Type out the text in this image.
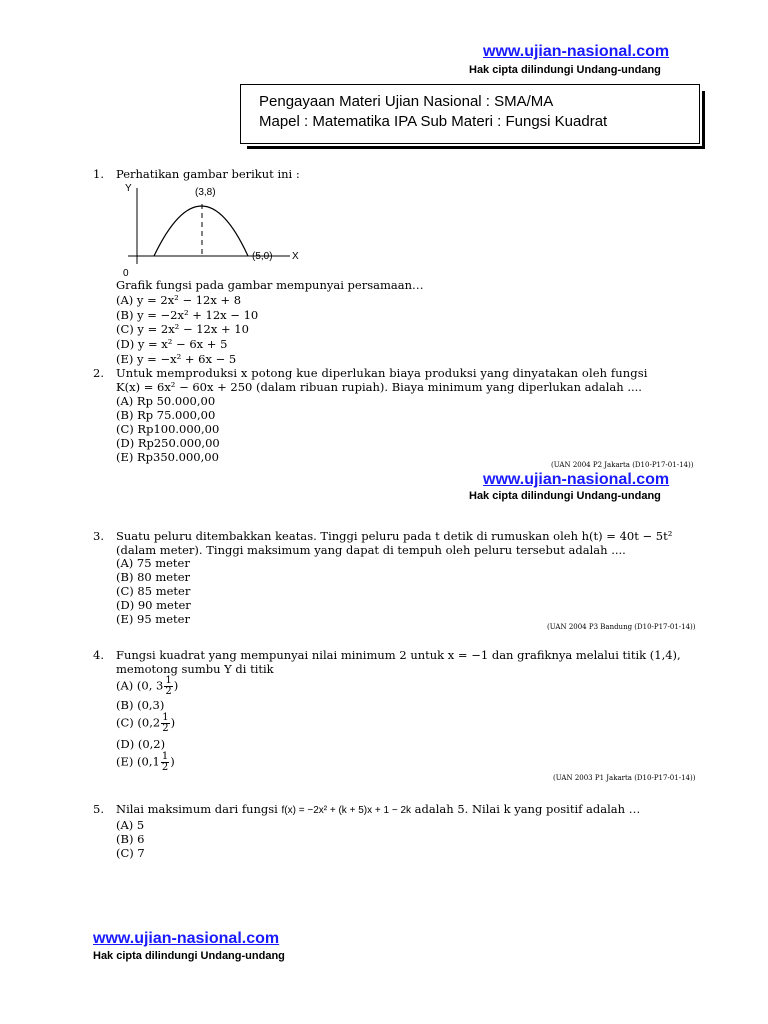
www.ujian-nasional.com
Hak cipta dilindungi Undang-undang
Pengayaan Materi Ujian Nasional : SMA/MA
Mapel : Matematika IPA Sub Materi : Fungsi Kuadrat
1. Perhatikan gambar berikut ini :
Y	(3,8)
(5,0) X
0
Grafik fungsi pada gambar mempunyai persamaan…
(A) y = 2x² − 12x + 8
(B) y = −2x² + 12x − 10
(C) y = 2x² − 12x + 10
(D) y = x² − 6x + 5
(E) y = −x² + 6x − 5
2. Untuk memproduksi x potong kue diperlukan biaya produksi yang dinyatakan oleh fungsi
K(x) = 6x² − 60x + 250 (dalam ribuan rupiah). Biaya minimum yang diperlukan adalah ....
(A) Rp 50.000,00
(B) Rp 75.000,00
(C) Rp100.000,00
(D) Rp250.000,00
(E) Rp350.000,00
(UAN 2004 P2 Jakarta (D10-P17-01-14))
www.ujian-nasional.com
Hak cipta dilindungi Undang-undang
3. Suatu peluru ditembakkan keatas. Tinggi peluru pada t detik di rumuskan oleh h(t) = 40t − 5t²
(dalam meter). Tinggi maksimum yang dapat di tempuh oleh peluru tersebut adalah ....
(A) 75 meter
(B) 80 meter
(C) 85 meter
(D) 90 meter
(E) 95 meter
(UAN 2004 P3 Bandung (D10-P17-01-14))
4. Fungsi kuadrat yang mempunyai nilai minimum 2 untuk x = −1 dan grafiknya melalui titik (1,4),
memotong sumbu Y di titik
(A) (0, $3 \frac{1}{2}$ )
(B) (0,3)
(C) ($0,2 \frac{1}{2}$ )
(D) (0,2)
(E) ($0,1 \frac{1}{2}$ )
(UAN 2003 P1 Jakarta (D10-P17-01-14))
5. Nilai maksimum dari fungsi f(x) = −2x² + (k + 5)x + 1 − 2k adalah 5. Nilai k yang positif adalah …
(A) 5
(B) 6
(C) 7
www.ujian-nasional.com
Hak cipta dilindungi Undang-undang
